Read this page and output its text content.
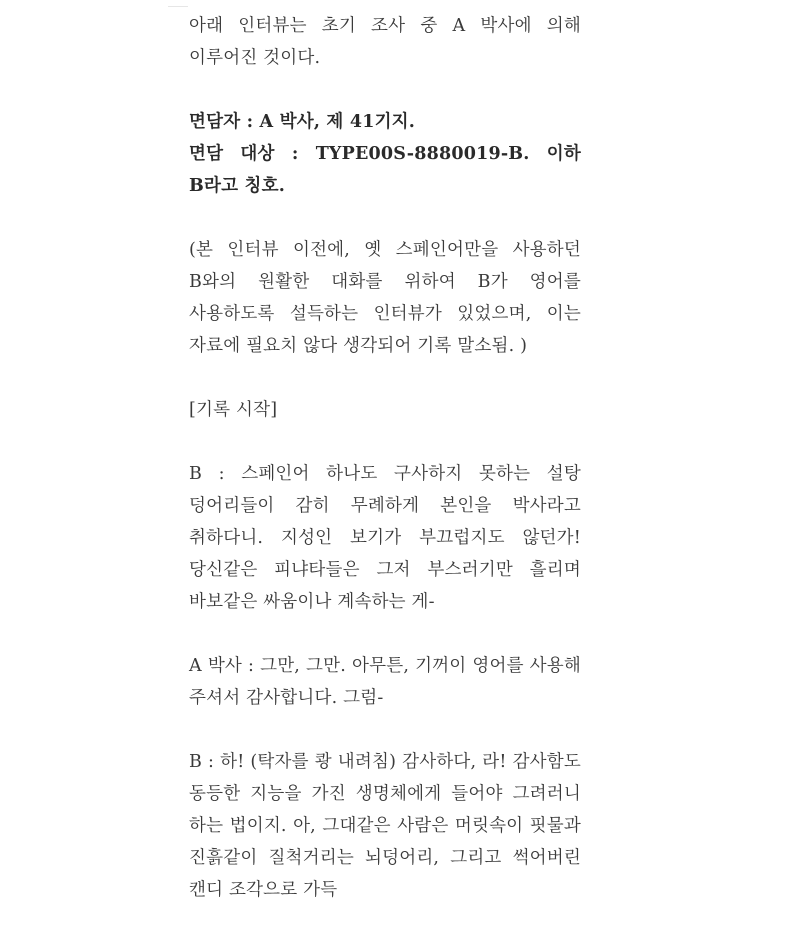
아래 인터뷰는 초기 조사 중 A 박사에 의해 이루어진 것이다.

면담자 : A 박사, 제 41기지.

면담 대상 : TYPE00S-8880019-B. 이하 B라고 칭호.

(본 인터뷰 이전에, 옛 스페인어만을 사용하던 B와의 원활한 대화를 위하여 B가 영어를 사용하도록 설득하는 인터뷰가 있었으며, 이는 자료에 필요치 않다 생각되어 기록 말소됨. )

[기록 시작]

B : 스페인어 하나도 구사하지 못하는 설탕 덩어리들이 감히 무례하게 본인을 박사라고 취하다니. 지성인 보기가 부끄럽지도 않던가! 당신같은 피냐타들은 그저 부스러기만 흘리며 바보같은 싸움이나 계속하는 게-

A 박사 : 그만, 그만. 아무튼, 기꺼이 영어를 사용해 주셔서 감사합니다. 그럼-

B : 하! (탁자를 쾅 내려침) 감사하다, 라! 감사함도 동등한 지능을 가진 생명체에게 들어야 그려러니 하는 법이지. 아, 그대같은 사람은 머릿속이 핏물과 진흙같이 질척거리는 뇌덩어리, 그리고 썩어버린 캔디 조각으로 가득
